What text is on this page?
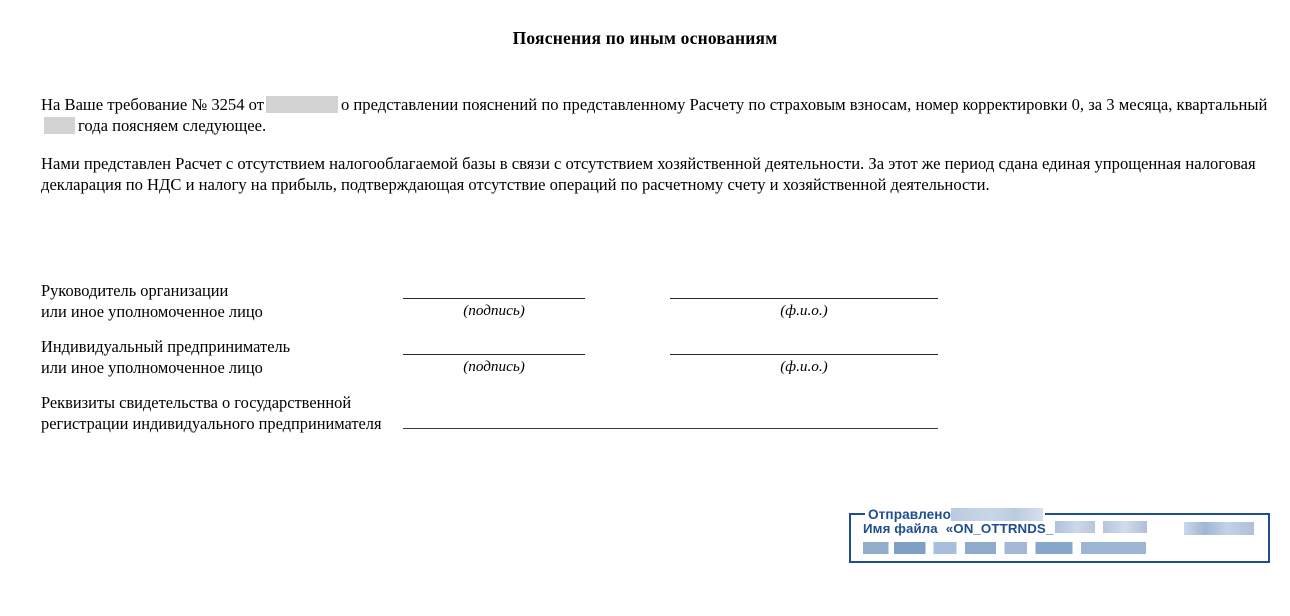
Пояснения по иным основаниям
На Ваше требование № 3254 от	о представлении пояснений по представленному Расчету по страховым взносам, номер корректировки 0, за 3 месяца, квартальныйгода поясняем следующее.
Нами представлен Расчет с отсутствием налогооблагаемой базы в связи с отсутствием хозяйственной деятельности. За этот же период сдана единая упрощенная налоговая декларация по НДС и налогу на прибыль, подтверждающая отсутствие операций по расчетному счету и хозяйственной деятельности.
Руководитель организации
или иное уполномоченное лицо	(подпись)	(ф.и.о.)
Индивидуальный предприниматель
или иное уполномоченное лицо	(подпись)	(ф.и.о.)
Реквизиты свидетельства о государственной
регистрации индивидуального предпринимателя
Отправлено
Имя файла «ON_OTTRNDS_
